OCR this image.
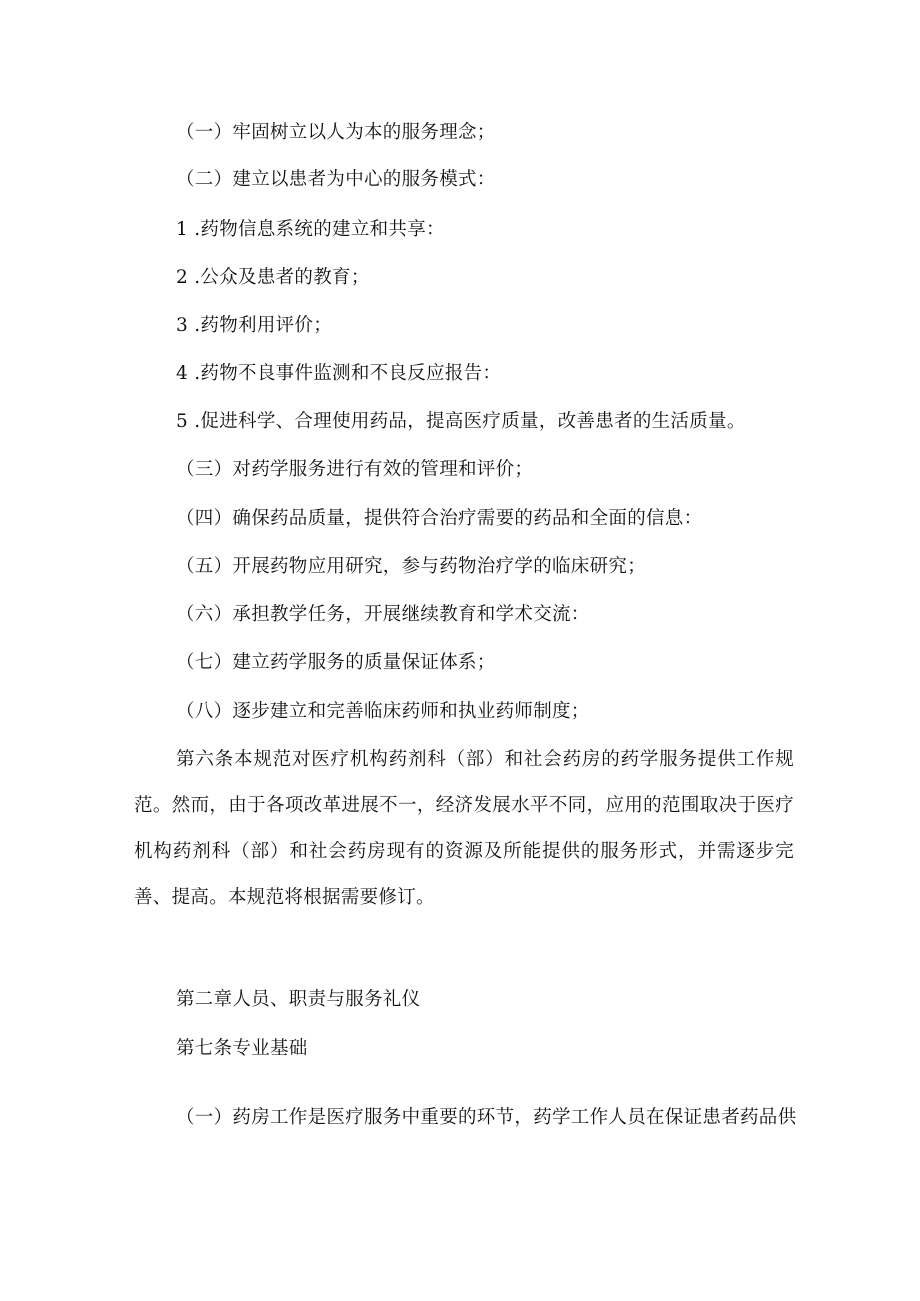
（一）牢固树立以人为本的服务理念；
（二）建立以患者为中心的服务模式：
1 .药物信息系统的建立和共享：
2 .公众及患者的教育；
3 .药物利用评价；
4 .药物不良事件监测和不良反应报告：
5 .促进科学、合理使用药品，提高医疗质量，改善患者的生活质量。
（三）对药学服务进行有效的管理和评价；
（四）确保药品质量，提供符合治疗需要的药品和全面的信息：
（五）开展药物应用研究，参与药物治疗学的临床研究；
（六）承担教学任务，开展继续教育和学术交流：
（七）建立药学服务的质量保证体系；
（八）逐步建立和完善临床药师和执业药师制度；
第六条本规范对医疗机构药剂科（部）和社会药房的药学服务提供工作规范。然而，由于各项改革进展不一，经济发展水平不同，应用的范围取决于医疗机构药剂科（部）和社会药房现有的资源及所能提供的服务形式，并需逐步完善、提高。本规范将根据需要修订。
第二章人员、职责与服务礼仪
第七条专业基础
（一）药房工作是医疗服务中重要的环节，药学工作人员在保证患者药品供
